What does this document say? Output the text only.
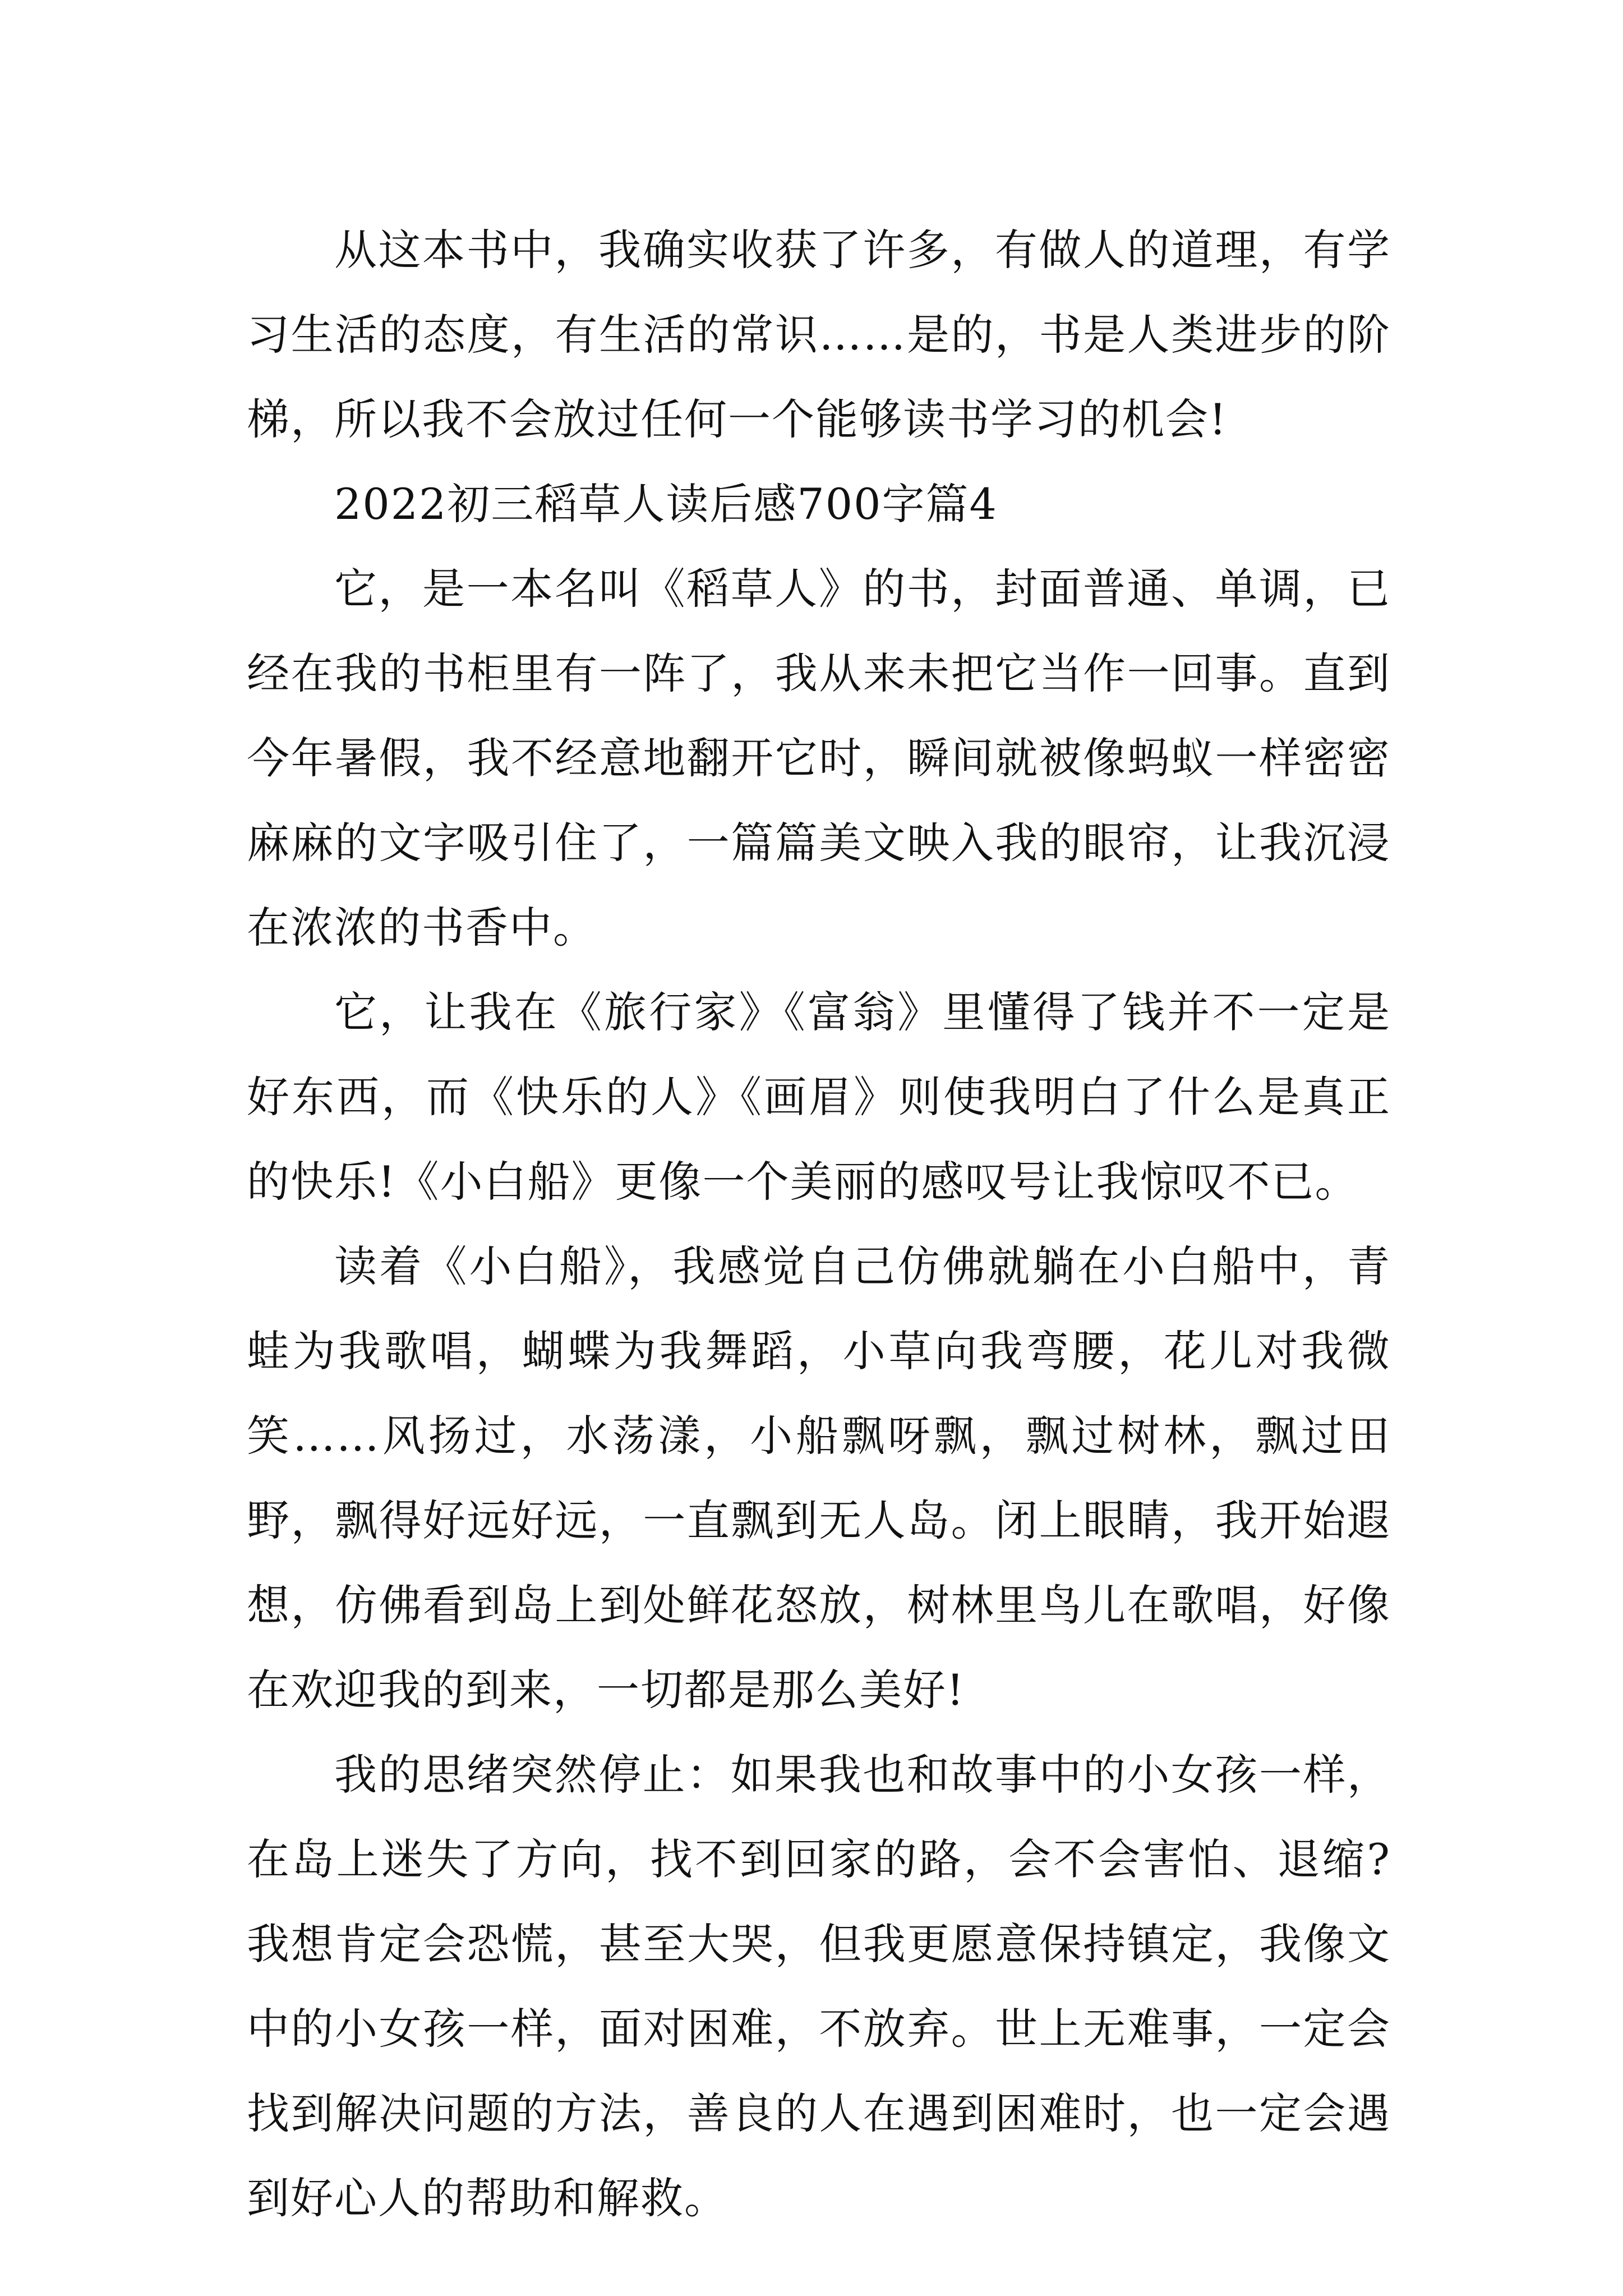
从这本书中，我确实收获了许多，有做人的道理，有学习生活的态度，有生活的常识……是的，书是人类进步的阶梯，所以我不会放过任何一个能够读书学习的机会!

2022初三稻草人读后感700字篇4

它，是一本名叫《稻草人》的书，封面普通、单调，已经在我的书柜里有一阵了，我从来未把它当作一回事。直到今年暑假，我不经意地翻开它时，瞬间就被像蚂蚁一样密密麻麻的文字吸引住了，一篇篇美文映入我的眼帘，让我沉浸在浓浓的书香中。

它，让我在《旅行家》《富翁》里懂得了钱并不一定是好东西，而《快乐的人》《画眉》则使我明白了什么是真正的快乐!《小白船》更像一个美丽的感叹号让我惊叹不已。

读着《小白船》，我感觉自己仿佛就躺在小白船中，青蛙为我歌唱，蝴蝶为我舞蹈，小草向我弯腰，花儿对我微笑……风扬过，水荡漾，小船飘呀飘，飘过树林，飘过田野，飘得好远好远，一直飘到无人岛。闭上眼睛，我开始遐想，仿佛看到岛上到处鲜花怒放，树林里鸟儿在歌唱，好像在欢迎我的到来，一切都是那么美好!

我的思绪突然停止：如果我也和故事中的小女孩一样，在岛上迷失了方向，找不到回家的路，会不会害怕、退缩?我想肯定会恐慌，甚至大哭，但我更愿意保持镇定，我像文中的小女孩一样，面对困难，不放弃。世上无难事，一定会找到解决问题的方法，善良的人在遇到困难时，也一定会遇到好心人的帮助和解救。
